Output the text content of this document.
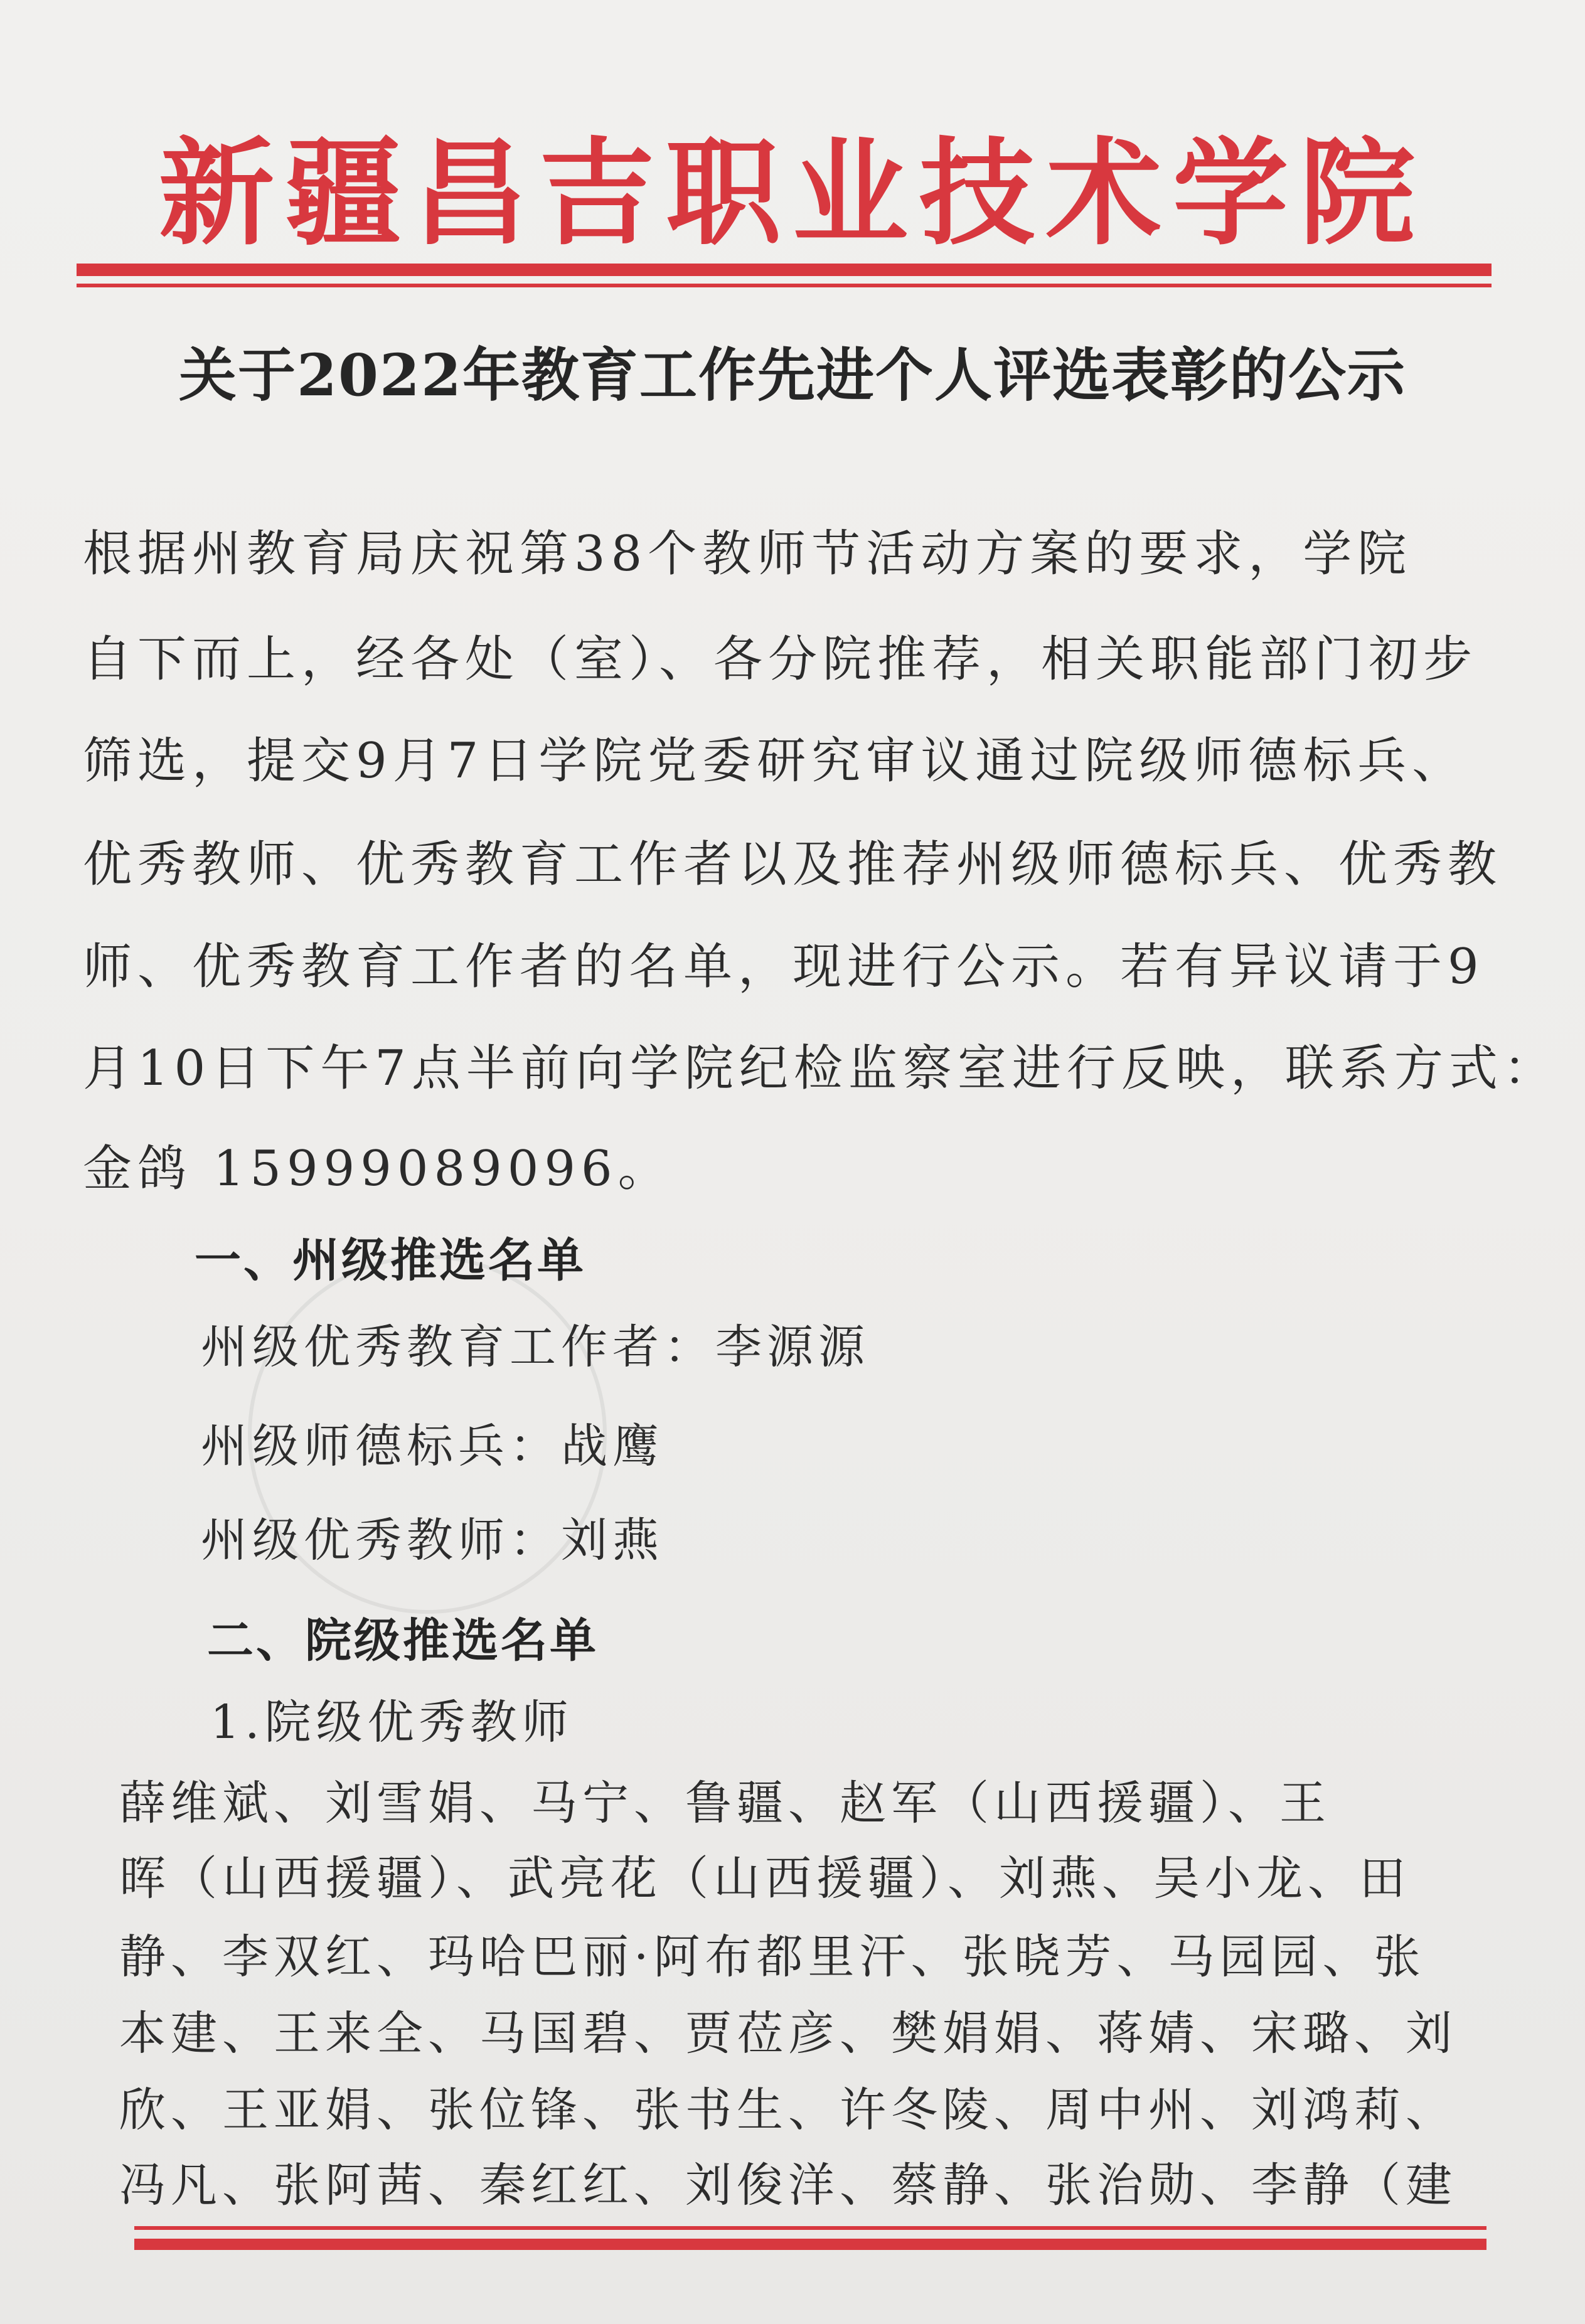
新疆昌吉职业技术学院
关于2022年教育工作先进个人评选表彰的公示
根据州教育局庆祝第38个教师节活动方案的要求，学院
自下而上，经各处（室）、各分院推荐，相关职能部门初步
筛选，提交9月7日学院党委研究审议通过院级师德标兵、
优秀教师、优秀教育工作者以及推荐州级师德标兵、优秀教
师、优秀教育工作者的名单，现进行公示。若有异议请于9
月10日下午7点半前向学院纪检监察室进行反映，联系方式：
金鸽 15999089096。
一、州级推选名单
州级优秀教育工作者：李源源
州级师德标兵：战鹰
州级优秀教师：刘燕
二、院级推选名单
1.院级优秀教师
薛维斌、刘雪娟、马宁、鲁疆、赵军（山西援疆）、王
晖（山西援疆）、武亮花（山西援疆）、刘燕、吴小龙、田
静、李双红、玛哈巴丽·阿布都里汗、张晓芳、马园园、张
本建、王来全、马国碧、贾莅彦、樊娟娟、蒋婧、宋璐、刘
欣、王亚娟、张位锋、张书生、许冬陵、周中州、刘鸿莉、
冯凡、张阿茜、秦红红、刘俊洋、蔡静、张治勋、李静（建
